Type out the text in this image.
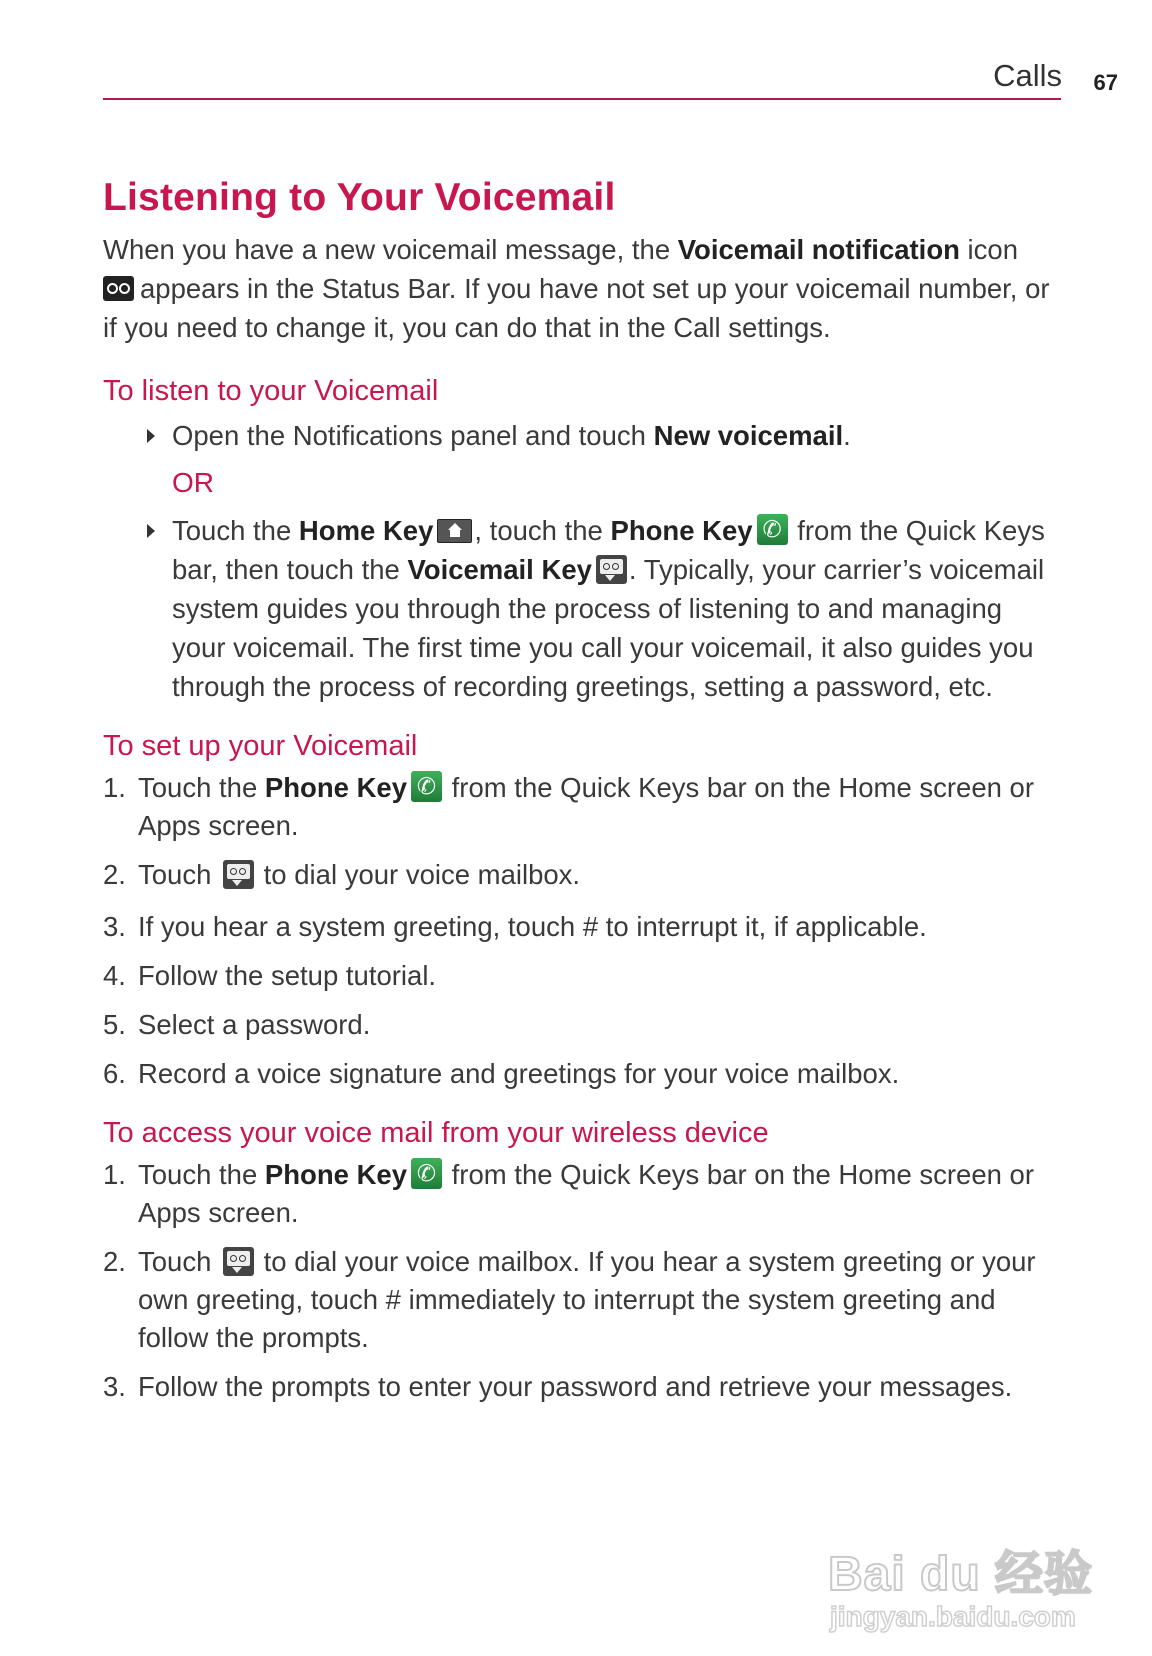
Calls 67
Listening to Your Voicemail

When you have a new voicemail message, the Voicemail notification icon
appears in the Status Bar. If you have not set up your voicemail number, or if you need to change it, you can do that in the Call settings.

To listen to your Voicemail
Open the Notifications panel and touch New voicemail.
OR
Touch the Home Key , touch the Phone Key ✆ from the Quick Keys bar, then touch the Voicemail Key . Typically, your carrier’s voicemail system guides you through the process of listening to and managing your voicemail. The first time you call your voicemail, it also guides you through the process of recording greetings, setting a password, etc.
To set up your Voicemail
1. Touch the Phone Key ✆ from the Quick Keys bar on the Home screen or Apps screen.
2. Touch
to dial your voice mailbox.
3. If you hear a system greeting, touch # to interrupt it, if applicable.
4. Follow the setup tutorial.
5. Select a password.
6. Record a voice signature and greetings for your voice mailbox.
To access your voice mail from your wireless device
1. Touch the Phone Key ✆ from the Quick Keys bar on the Home screen or Apps screen.
2. Touch
to dial your voice mailbox. If you hear a system greeting or your own greeting, touch # immediately to interrupt the system greeting and follow the prompts.
3. Follow the prompts to enter your password and retrieve your messages.
Bai du 经验
jingyan.baidu.com
